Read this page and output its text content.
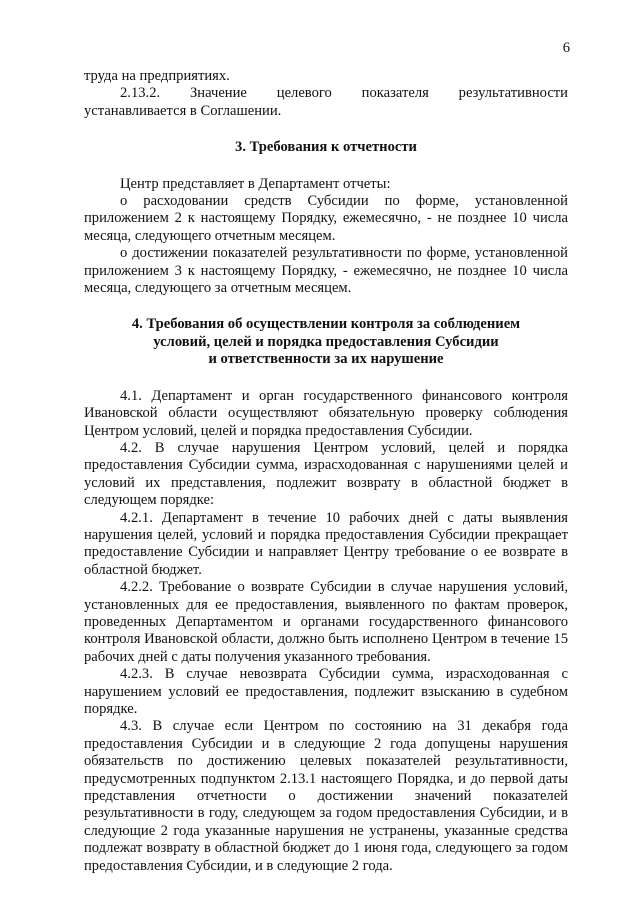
6

труда на предприятиях.

2.13.2. Значение целевого показателя результативности устанавливается в Соглашении.

3. Требования к отчетности

Центр представляет в Департамент отчеты:

о расходовании средств Субсидии по форме, установленной приложением 2 к настоящему Порядку, ежемесячно, - не позднее 10 числа месяца, следующего отчетным месяцем.

о достижении показателей результативности по форме, установленной приложением 3 к настоящему Порядку, - ежемесячно, не позднее 10 числа месяца, следующего за отчетным месяцем.

4. Требования об осуществлении контроля за соблюдением

условий, целей и порядка предоставления Субсидии

и ответственности за их нарушение

4.1. Департамент и орган государственного финансового контроля Ивановской области осуществляют обязательную проверку соблюдения Центром условий, целей и порядка предоставления Субсидии.

4.2. В случае нарушения Центром условий, целей и порядка предоставления Субсидии сумма, израсходованная с нарушениями целей и условий их представления, подлежит возврату в областной бюджет в следующем порядке:

4.2.1. Департамент в течение 10 рабочих дней с даты выявления нарушения целей, условий и порядка предоставления Субсидии прекращает предоставление Субсидии и направляет Центру требование о ее возврате в областной бюджет.

4.2.2. Требование о возврате Субсидии в случае нарушения условий, установленных для ее предоставления, выявленного по фактам проверок, проведенных Департаментом и органами государственного финансового контроля Ивановской области, должно быть исполнено Центром в течение 15 рабочих дней с даты получения указанного требования.

4.2.3. В случае невозврата Субсидии сумма, израсходованная с нарушением условий ее предоставления, подлежит взысканию в судебном порядке.

4.3. В случае если Центром по состоянию на 31 декабря года предоставления Субсидии и в следующие 2 года допущены нарушения обязательств по достижению целевых показателей результативности, предусмотренных подпунктом 2.13.1 настоящего Порядка, и до первой даты представления отчетности о достижении значений показателей результативности в году, следующем за годом предоставления Субсидии, и в следующие 2 года указанные нарушения не устранены, указанные средства подлежат возврату в областной бюджет до 1 июня года, следующего за годом предоставления Субсидии, и в следующие 2 года.
